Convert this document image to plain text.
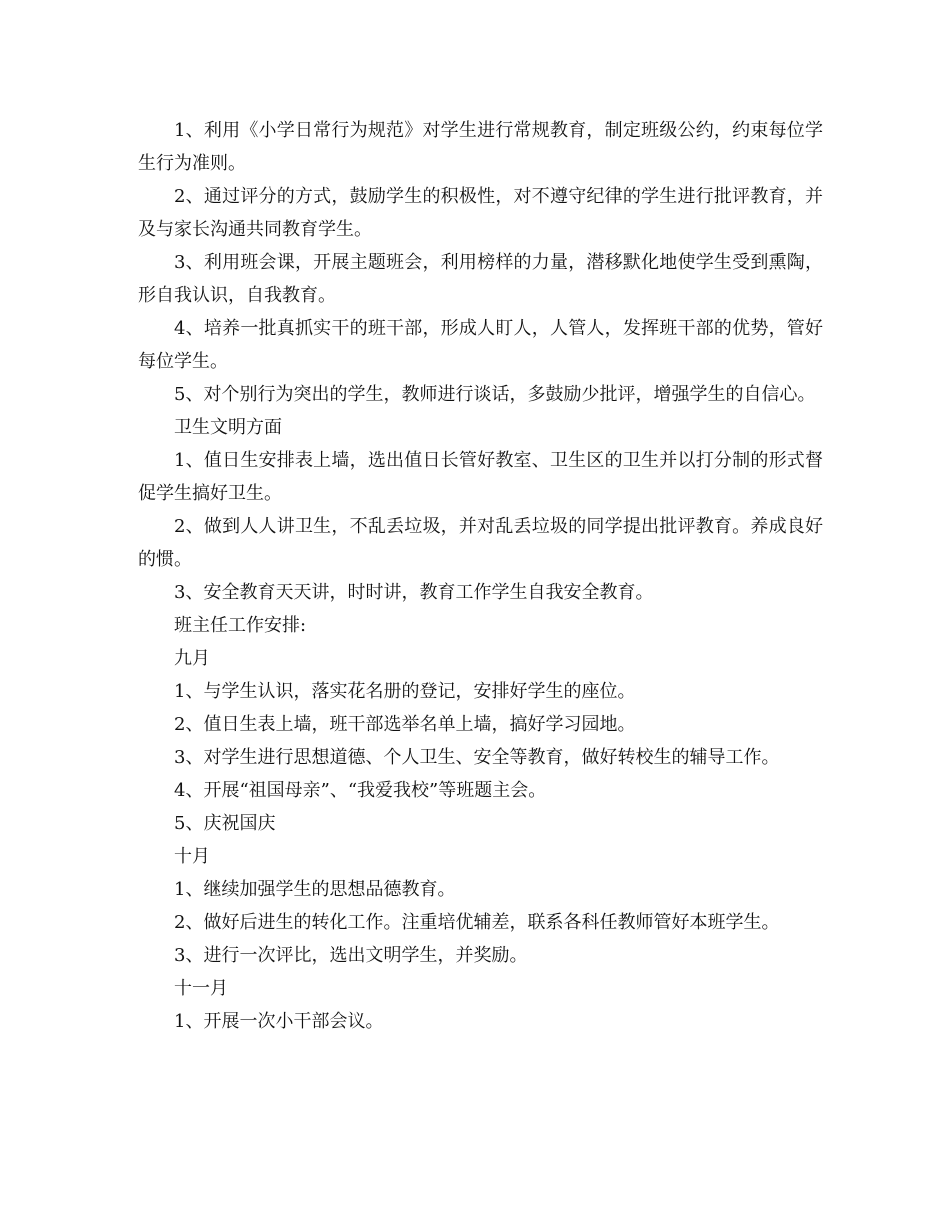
1、利用《小学日常行为规范》对学生进行常规教育，制定班级公约，约束每位学生行为准则。

2、通过评分的方式，鼓励学生的积极性，对不遵守纪律的学生进行批评教育，并及与家长沟通共同教育学生。

3、利用班会课，开展主题班会，利用榜样的力量，潜移默化地使学生受到熏陶，形自我认识，自我教育。

4、培养一批真抓实干的班干部，形成人盯人，人管人，发挥班干部的优势，管好每位学生。

5、对个别行为突出的学生，教师进行谈话，多鼓励少批评，增强学生的自信心。

卫生文明方面

1、值日生安排表上墙，选出值日长管好教室、卫生区的卫生并以打分制的形式督促学生搞好卫生。

2、做到人人讲卫生，不乱丢垃圾，并对乱丢垃圾的同学提出批评教育。养成良好的惯。

3、安全教育天天讲，时时讲，教育工作学生自我安全教育。

班主任工作安排:

九月

1、与学生认识，落实花名册的登记，安排好学生的座位。

2、值日生表上墙，班干部选举名单上墙，搞好学习园地。

3、对学生进行思想道德、个人卫生、安全等教育，做好转校生的辅导工作。

4、开展“祖国母亲”、“我爱我校”等班题主会。

5、庆祝国庆

十月

1、继续加强学生的思想品德教育。

2、做好后进生的转化工作。注重培优辅差，联系各科任教师管好本班学生。

3、进行一次评比，选出文明学生，并奖励。

十一月

1、开展一次小干部会议。
